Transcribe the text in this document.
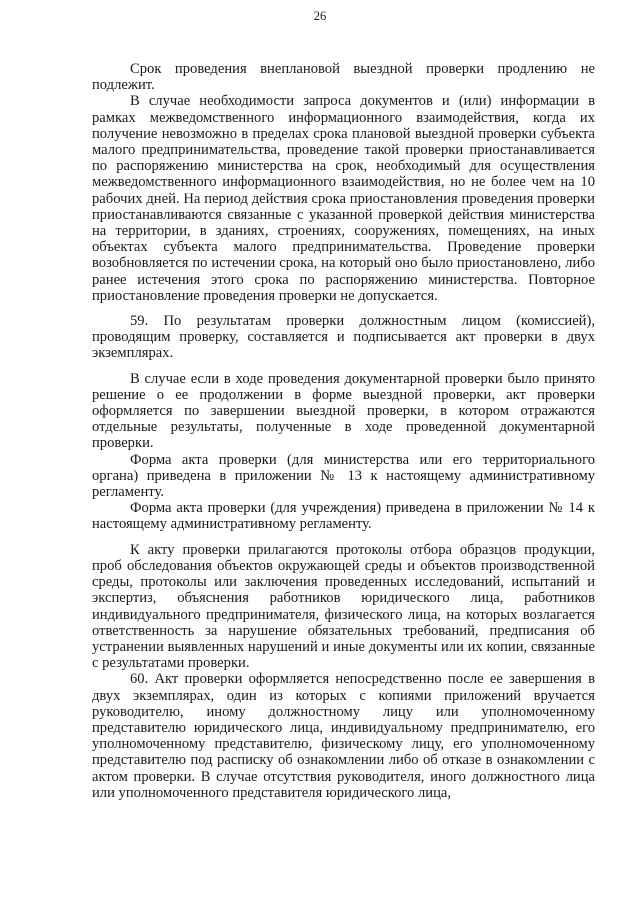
26

Срок проведения внеплановой выездной проверки продлению не подлежит.

В случае необходимости запроса документов и (или) информации в рамках межведомственного информационного взаимодействия, когда их получение невозможно в пределах срока плановой выездной проверки субъекта малого предпринимательства, проведение такой проверки приостанавливается по распоряжению министерства на срок, необходимый для осуществления межведомственного информационного взаимодействия, но не более чем на 10 рабочих дней. На период действия срока приостановления проведения проверки приостанавливаются связанные с указанной проверкой действия министерства на территории, в зданиях, строениях, сооружениях, помещениях, на иных объектах субъекта малого предпринимательства. Проведение проверки возобновляется по истечении срока, на который оно было приостановлено, либо ранее истечения этого срока по распоряжению министерства. Повторное приостановление проведения проверки не допускается.

59. По результатам проверки должностным лицом (комиссией), проводящим проверку, составляется и подписывается акт проверки в двух экземплярах.

В случае если в ходе проведения документарной проверки было принято решение о ее продолжении в форме выездной проверки, акт проверки оформляется по завершении выездной проверки, в котором отражаются отдельные результаты, полученные в ходе проведенной документарной проверки.

Форма акта проверки (для министерства или его территориального органа) приведена в приложении № 13 к настоящему административному регламенту.

Форма акта проверки (для учреждения) приведена в приложении № 14 к настоящему административному регламенту.

К акту проверки прилагаются протоколы отбора образцов продукции, проб обследования объектов окружающей среды и объектов производственной среды, протоколы или заключения проведенных исследований, испытаний и экспертиз, объяснения работников юридического лица, работников индивидуального предпринимателя, физического лица, на которых возлагается ответственность за нарушение обязательных требований, предписания об устранении выявленных нарушений и иные документы или их копии, связанные с результатами проверки.

60. Акт проверки оформляется непосредственно после ее завершения в двух экземплярах, один из которых с копиями приложений вручается руководителю, иному должностному лицу или уполномоченному представителю юридического лица, индивидуальному предпринимателю, его уполномоченному представителю, физическому лицу, его уполномоченному представителю под расписку об ознакомлении либо об отказе в ознакомлении с актом проверки. В случае отсутствия руководителя, иного должностного лица или уполномоченного представителя юридического лица,
